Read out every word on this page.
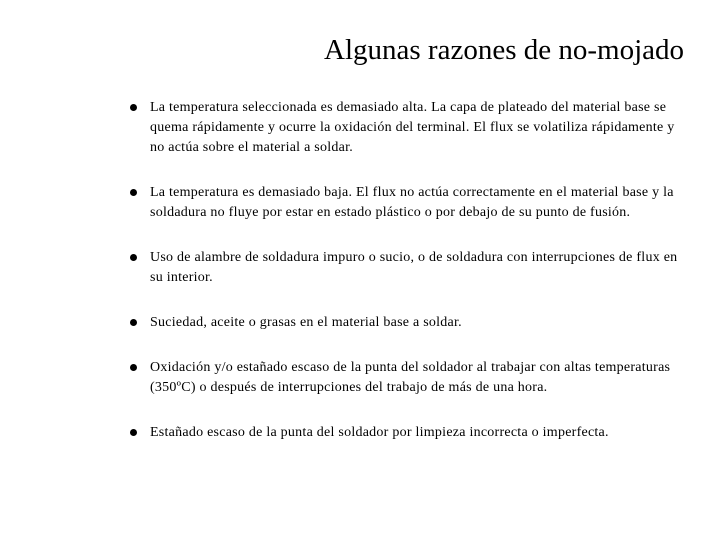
Algunas razones de no-mojado
La temperatura seleccionada es demasiado alta. La capa de plateado del material base se quema rápidamente y ocurre la oxidación del terminal. El flux se volatiliza rápidamente y no actúa sobre el material a soldar.
La temperatura es demasiado baja. El flux no actúa correctamente en el material base y la soldadura no fluye por estar en estado plástico o por debajo de su punto de fusión.
Uso de alambre de soldadura impuro o sucio, o de soldadura con interrupciones de flux en su interior.
Suciedad, aceite o grasas en el material base a soldar.
Oxidación y/o estañado escaso de la punta del soldador al trabajar con altas temperaturas (350ºC) o después de interrupciones del trabajo de más de una hora.
Estañado escaso de la punta del soldador por limpieza incorrecta o imperfecta.
